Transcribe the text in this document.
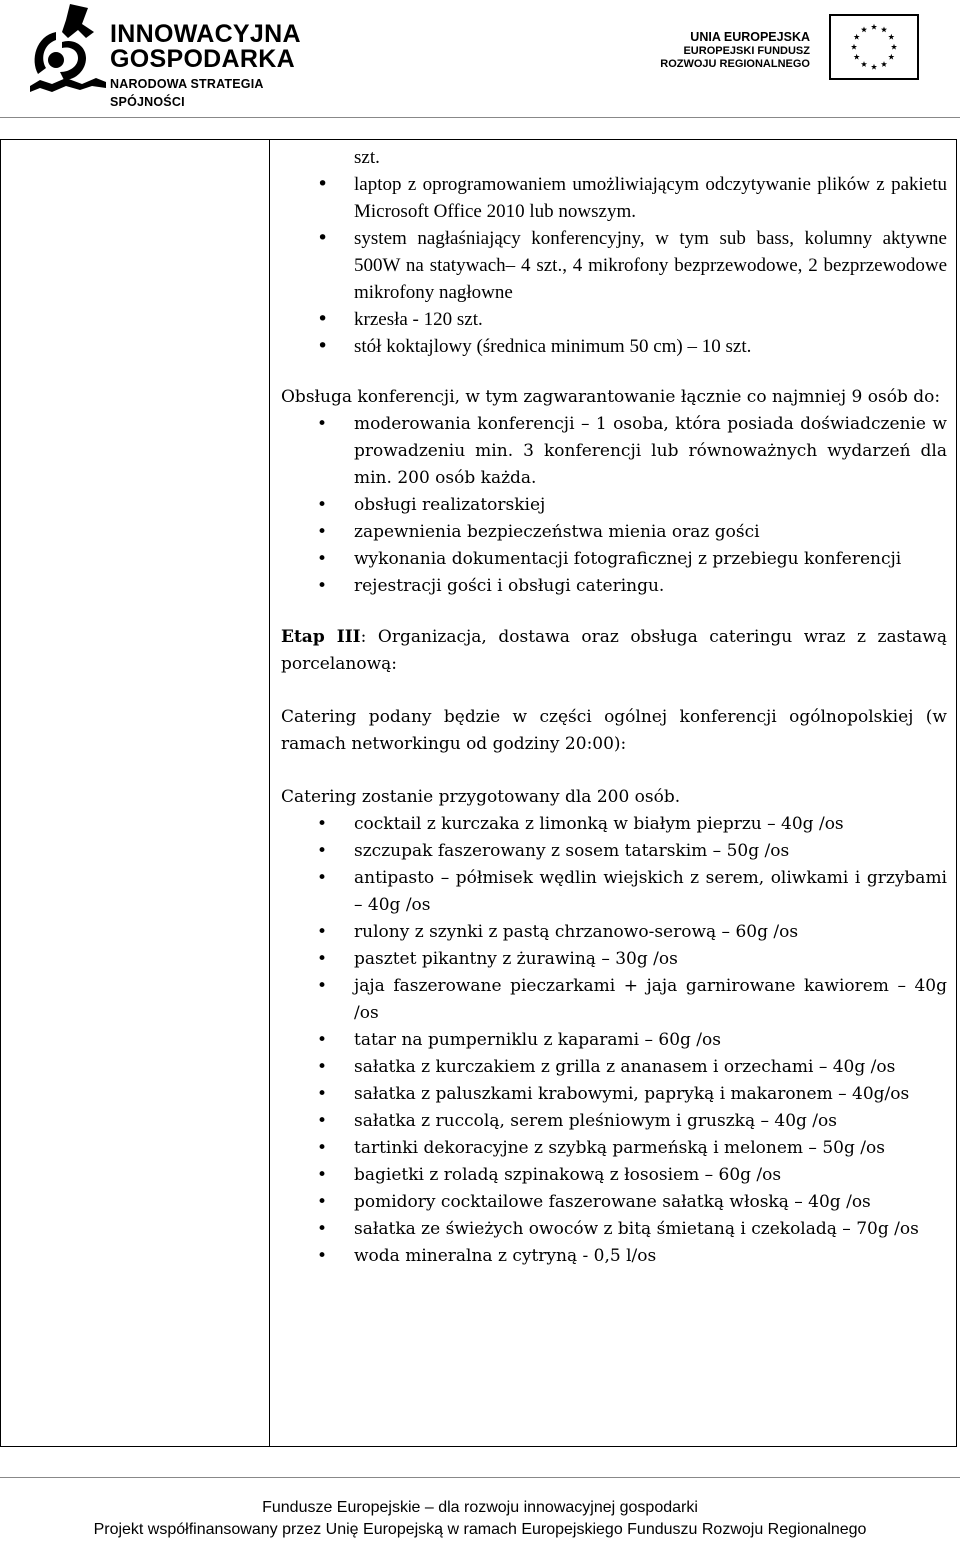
INNOWACYJNA
GOSPODARKA
NARODOWA STRATEGIA SPÓJNOŚCI
UNIA EUROPEJSKA
EUROPEJSKI FUNDUSZ
ROZWOJU REGIONALNEGO

szt.

• laptop z oprogramowaniem umożliwiającym odczytywanie plików z pakietu Microsoft Office 2010 lub nowszym.
• system nagłaśniający konferencyjny, w tym sub bass, kolumny aktywne 500W na statywach– 4 szt., 4 mikrofony bezprzewodowe, 2 bezprzewodowe mikrofony nagłowne
• krzesła - 120 szt.
• stół koktajlowy (średnica minimum 50 cm) – 10 szt.

Obsługa konferencji, w tym zagwarantowanie łącznie co najmniej 9 osób do:

• moderowania konferencji – 1 osoba, która posiada doświadczenie w prowadzeniu min. 3 konferencji lub równoważnych wydarzeń dla min. 200 osób każda.
• obsługi realizatorskiej
• zapewnienia bezpieczeństwa mienia oraz gości
• wykonania dokumentacji fotograficznej z przebiegu konferencji
• rejestracji gości i obsługi cateringu.

Etap III: Organizacja, dostawa oraz obsługa cateringu wraz z zastawą porcelanową:

Catering podany będzie w części ogólnej konferencji ogólnopolskiej (w ramach networkingu od godziny 20:00):

Catering zostanie przygotowany dla 200 osób.

• cocktail z kurczaka z limonką w białym pieprzu – 40g /os
• szczupak faszerowany z sosem tatarskim – 50g /os
• antipasto – półmisek wędlin wiejskich z serem, oliwkami i grzybami – 40g /os
• rulony z szynki z pastą chrzanowo-serową – 60g /os
• pasztet pikantny z żurawiną – 30g /os
• jaja faszerowane pieczarkami + jaja garnirowane kawiorem – 40g /os
• tatar na pumperniklu z kaparami – 60g /os
• sałatka z kurczakiem z grilla z ananasem i orzechami – 40g /os
• sałatka z paluszkami krabowymi, papryką i makaronem – 40g/os
• sałatka z ruccolą, serem pleśniowym i gruszką – 40g /os
• tartinki dekoracyjne z szybką parmeńską i melonem – 50g /os
• bagietki z roladą szpinakową z łososiem – 60g /os
• pomidory cocktailowe faszerowane sałatką włoską – 40g /os
• sałatka ze świeżych owoców z bitą śmietaną i czekoladą – 70g /os
• woda mineralna z cytryną - 0,5 l/os
Fundusze Europejskie – dla rozwoju innowacyjnej gospodarki
Projekt współfinansowany przez Unię Europejską w ramach Europejskiego Funduszu Rozwoju Regionalnego
